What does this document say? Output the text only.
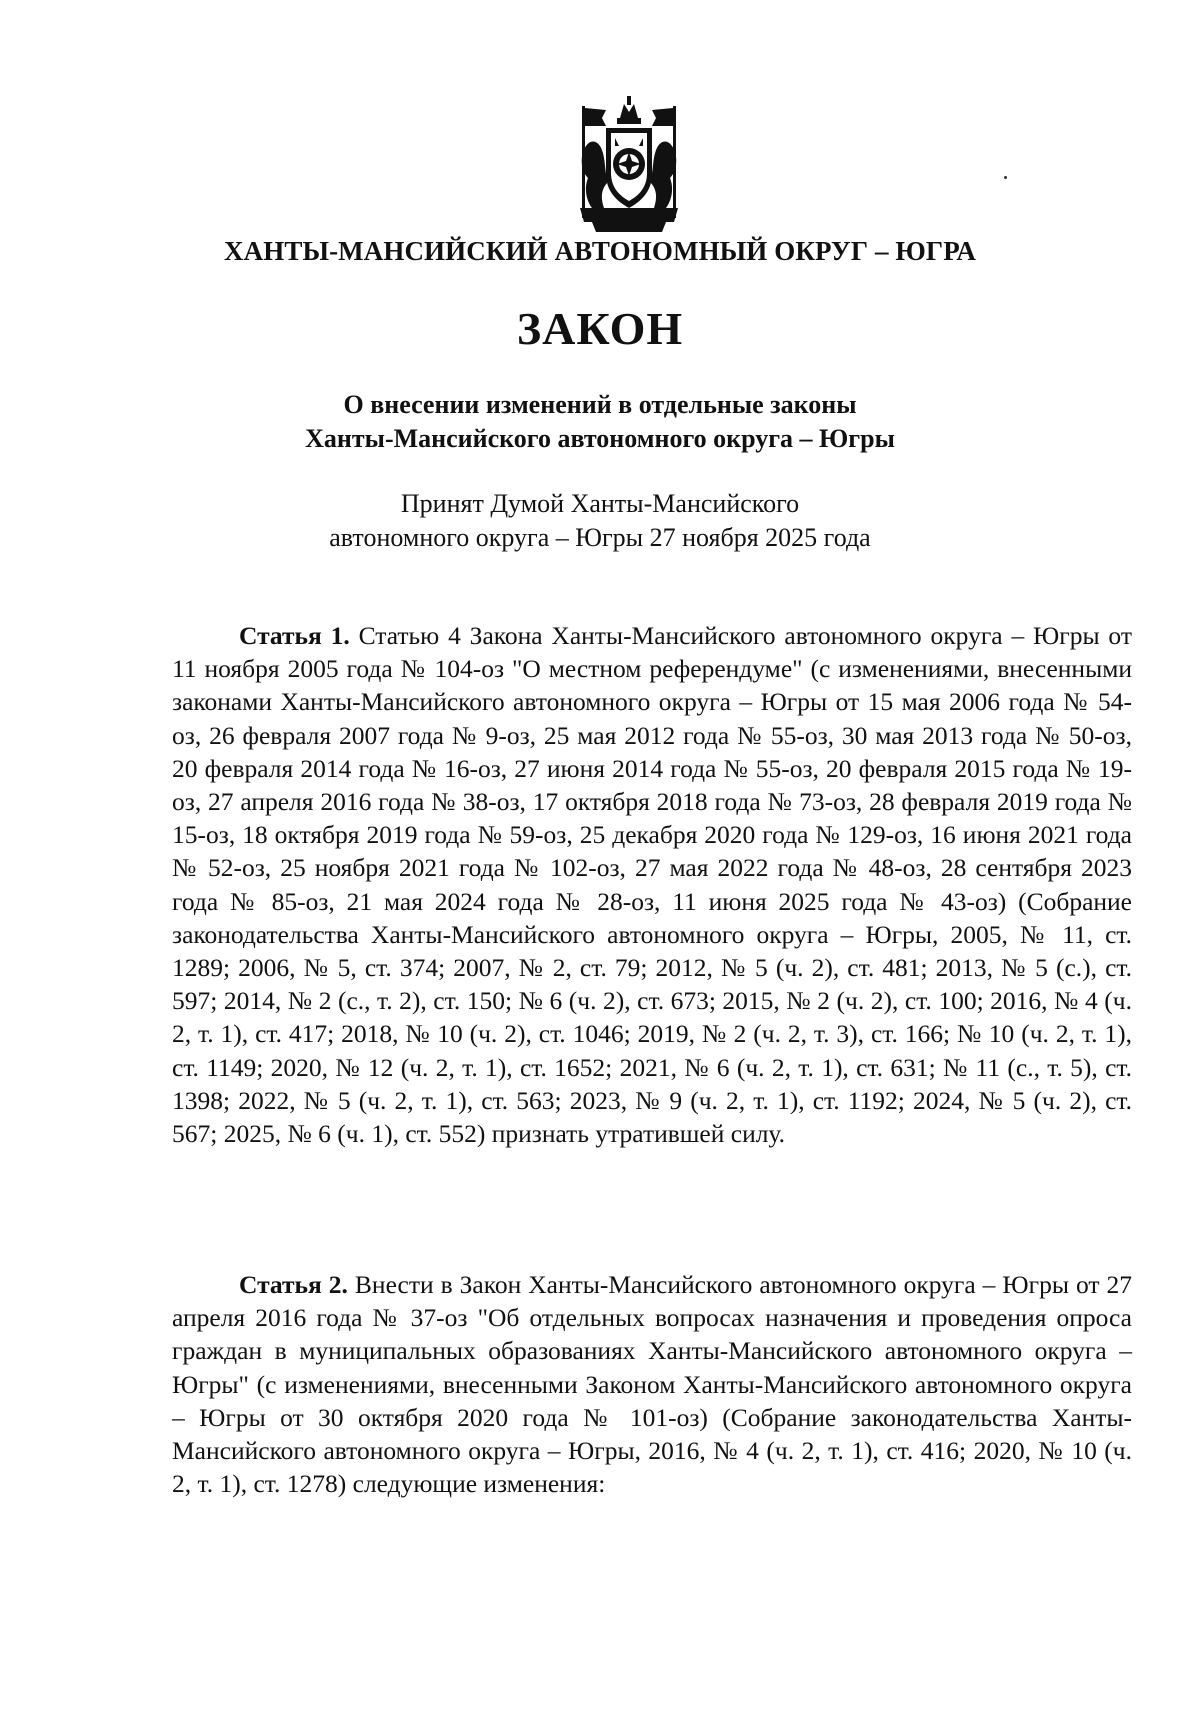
ХАНТЫ-МАНСИЙСКИЙ АВТОНОМНЫЙ ОКРУГ – ЮГРА
ЗАКОН
О внесении изменений в отдельные законы
Ханты-Мансийского автономного округа – Югры
Принят Думой Ханты-Мансийского
автономного округа – Югры 27 ноября 2025 года

Статья 1. Статью 4 Закона Ханты-Мансийского автономного округа – Югры от 11 ноября 2005 года № 104-оз "О местном референдуме" (с изменениями, внесенными законами Ханты-Мансийского автономного округа – Югры от 15 мая 2006 года № 54-оз, 26 февраля 2007 года № 9-оз, 25 мая 2012 года № 55-оз, 30 мая 2013 года № 50-оз, 20 февраля 2014 года № 16-оз, 27 июня 2014 года № 55-оз, 20 февраля 2015 года № 19-оз, 27 апреля 2016 года № 38-оз, 17 октября 2018 года № 73-оз, 28 февраля 2019 года № 15-оз, 18 октября 2019 года № 59-оз, 25 декабря 2020 года № 129-оз, 16 июня 2021 года № 52-оз, 25 ноября 2021 года № 102-оз, 27 мая 2022 года № 48-оз, 28 сентября 2023 года № 85-оз, 21 мая 2024 года № 28-оз, 11 июня 2025 года № 43-оз) (Собрание законодательства Ханты-Мансийского автономного округа – Югры, 2005, № 11, ст. 1289; 2006, № 5, ст. 374; 2007, № 2, ст. 79; 2012, № 5 (ч. 2), ст. 481; 2013, № 5 (с.), ст. 597; 2014, № 2 (с., т. 2), ст. 150; № 6 (ч. 2), ст. 673; 2015, № 2 (ч. 2), ст. 100; 2016, № 4 (ч. 2, т. 1), ст. 417; 2018, № 10 (ч. 2), ст. 1046; 2019, № 2 (ч. 2, т. 3), ст. 166; № 10 (ч. 2, т. 1), ст. 1149; 2020, № 12 (ч. 2, т. 1), ст. 1652; 2021, № 6 (ч. 2, т. 1), ст. 631; № 11 (с., т. 5), ст. 1398; 2022, № 5 (ч. 2, т. 1), ст. 563; 2023, № 9 (ч. 2, т. 1), ст. 1192; 2024, № 5 (ч. 2), ст. 567; 2025, № 6 (ч. 1), ст. 552) признать утратившей силу.

Статья 2. Внести в Закон Ханты-Мансийского автономного округа – Югры от 27 апреля 2016 года № 37-оз "Об отдельных вопросах назначения и проведения опроса граждан в муниципальных образованиях Ханты-Мансийского автономного округа – Югры" (с изменениями, внесенными Законом Ханты-Мансийского автономного округа – Югры от 30 октября 2020 года № 101-оз) (Собрание законодательства Ханты-Мансийского автономного округа – Югры, 2016, № 4 (ч. 2, т. 1), ст. 416; 2020, № 10 (ч. 2, т. 1), ст. 1278) следующие изменения:
